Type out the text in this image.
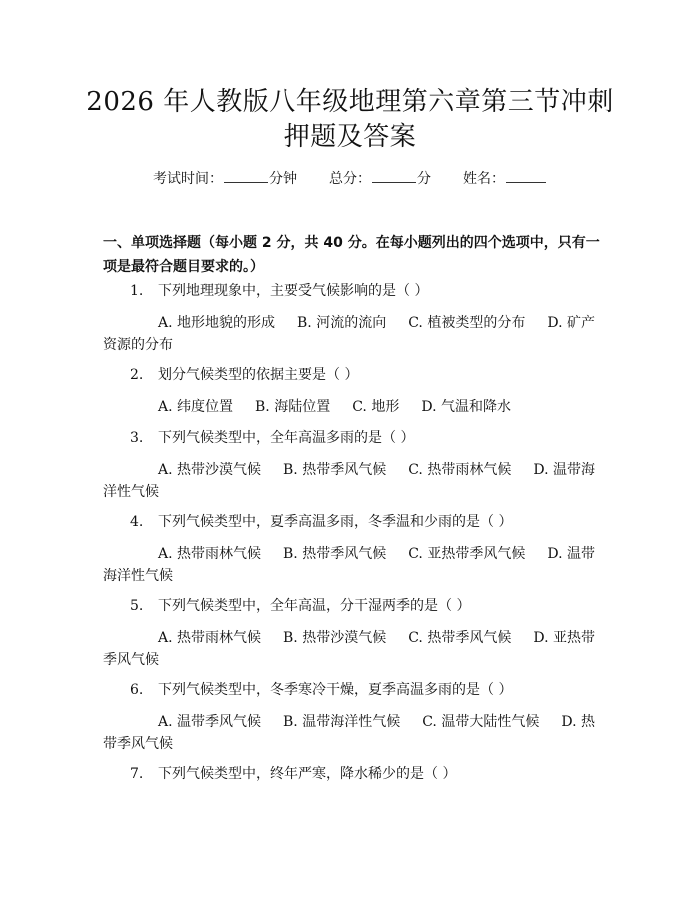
2026 年人教版八年级地理第六章第三节冲刺
押题及答案
考试时间：	分钟 总分：	分 姓名：
一、单项选择题（每小题 2 分，共 40 分。在每小题列出的四个选项中，只有一项是最符合题目要求的。）
1. 下列地理现象中，主要受气候影响的是（ ）
A. 地形地貌的形成 B. 河流的流向 C. 植被类型的分布 D. 矿产资源的分布
2. 划分气候类型的依据主要是（ ）
A. 纬度位置 B. 海陆位置 C. 地形 D. 气温和降水
3. 下列气候类型中，全年高温多雨的是（ ）
A. 热带沙漠气候 B. 热带季风气候 C. 热带雨林气候 D. 温带海洋性气候
4. 下列气候类型中，夏季高温多雨，冬季温和少雨的是（ ）
A. 热带雨林气候 B. 热带季风气候 C. 亚热带季风气候 D. 温带海洋性气候
5. 下列气候类型中，全年高温，分干湿两季的是（ ）
A. 热带雨林气候 B. 热带沙漠气候 C. 热带季风气候 D. 亚热带季风气候
6. 下列气候类型中，冬季寒冷干燥，夏季高温多雨的是（ ）
A. 温带季风气候 B. 温带海洋性气候 C. 温带大陆性气候 D. 热带季风气候
7. 下列气候类型中，终年严寒，降水稀少的是（ ）
